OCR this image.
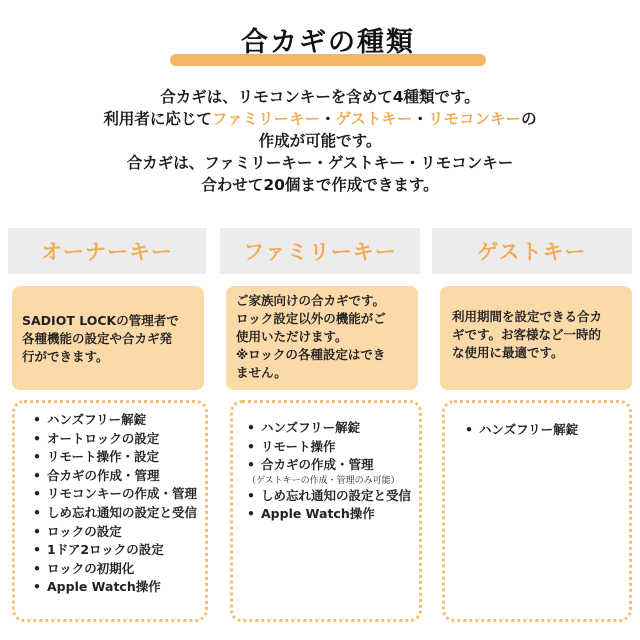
合カギの種類
合カギは、リモコンキーを含めて4種類です。
利用者に応じてファミリーキー・ゲストキー・リモコンキーの
作成が可能です。
合カギは、ファミリーキー・ゲストキー・リモコンキー
合わせて20個まで作成できます。
オーナーキー	ファミリーキー	ゲストキー
SADIOT LOCKの管理者で
各種機能の設定や合カギ発
行ができます。
ご家族向けの合カギです。
ロック設定以外の機能がご
使用いただけます。
※ロックの各種設定はでき
ません。
利用期間を設定できる合カ
ギです。お客様など一時的
な使用に最適です。
• ハンズフリー解錠
• オートロックの設定
• リモート操作・設定
• 合カギの作成・管理
• リモコンキーの作成・管理
• しめ忘れ通知の設定と受信
• ロックの設定
• 1ドア2ロックの設定
• ロックの初期化
• Apple Watch操作
• ハンズフリー解錠
• リモート操作
• 合カギの作成・管理
（ゲストキーの作成・管理のみ可能）
• しめ忘れ通知の設定と受信
• Apple Watch操作
• ハンズフリー解錠
